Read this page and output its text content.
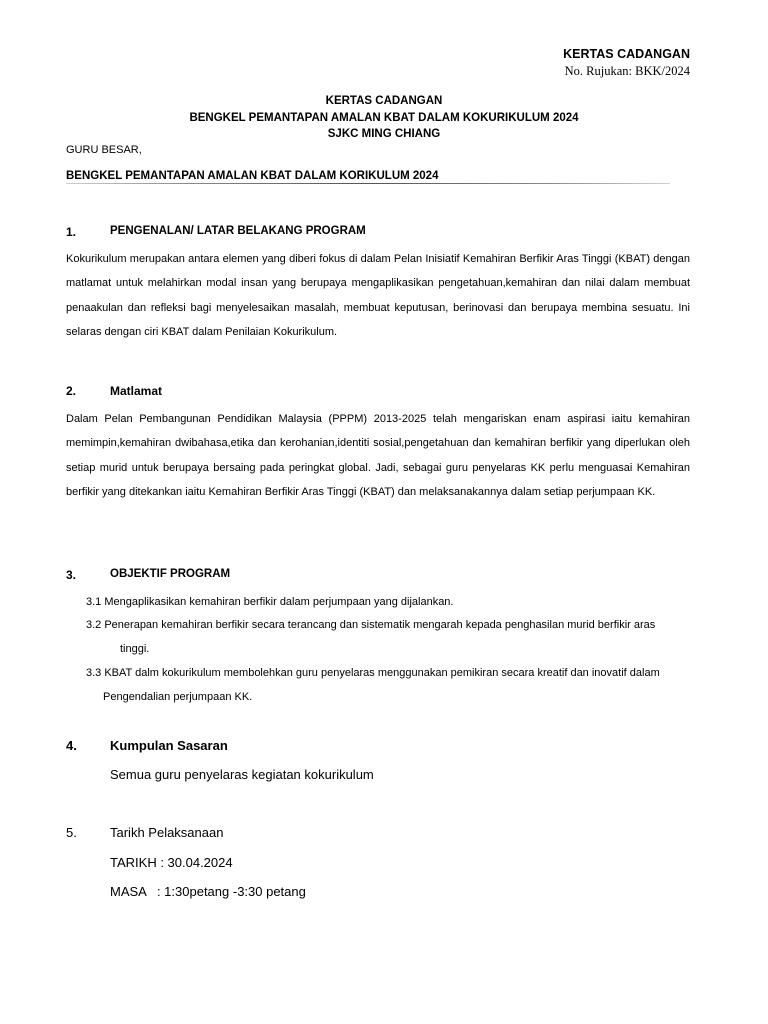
KERTAS CADANGAN
No. Rujukan: BKK/2024
KERTAS CADANGAN
BENGKEL PEMANTAPAN AMALAN KBAT DALAM KOKURIKULUM 2024
SJKC MING CHIANG
GURU BESAR,
BENGKEL PEMANTAPAN AMALAN KBAT DALAM KORIKULUM 2024
1.	PENGENALAN/ LATAR BELAKANG PROGRAM
Kokurikulum merupakan antara elemen yang diberi fokus di dalam Pelan Inisiatif Kemahiran Berfikir Aras Tinggi (KBAT) dengan matlamat untuk melahirkan modal insan yang berupaya mengaplikasikan pengetahuan,kemahiran dan nilai dalam membuat penaakulan dan refleksi bagi menyelesaikan masalah, membuat keputusan, berinovasi dan berupaya membina sesuatu. Ini selaras dengan ciri KBAT dalam Penilaian Kokurikulum.
2.	Matlamat
Dalam Pelan Pembangunan Pendidikan Malaysia (PPPM) 2013-2025 telah mengariskan enam aspirasi iaitu kemahiran memimpin,kemahiran dwibahasa,etika dan kerohanian,identiti sosial,pengetahuan dan kemahiran berfikir yang diperlukan oleh setiap murid untuk berupaya bersaing pada peringkat global. Jadi, sebagai guru penyelaras KK perlu menguasai Kemahiran berfikir yang ditekankan iaitu Kemahiran Berfikir Aras Tinggi (KBAT) dan melaksanakannya dalam setiap perjumpaan KK.
3.	OBJEKTIF PROGRAM
3.1 Mengaplikasikan kemahiran berfikir dalam perjumpaan yang dijalankan.
3.2 Penerapan kemahiran berfikir secara terancang dan sistematik mengarah kepada penghasilan murid berfikir aras
tinggi.
3.3 KBAT dalm kokurikulum membolehkan guru penyelaras menggunakan pemikiran secara kreatif dan inovatif dalam
Pengendalian perjumpaan KK.
4.	Kumpulan Sasaran
Semua guru penyelaras kegiatan kokurikulum
5.	Tarikh Pelaksanaan
TARIKH : 30.04.2024
MASA   : 1:30petang -3:30 petang
